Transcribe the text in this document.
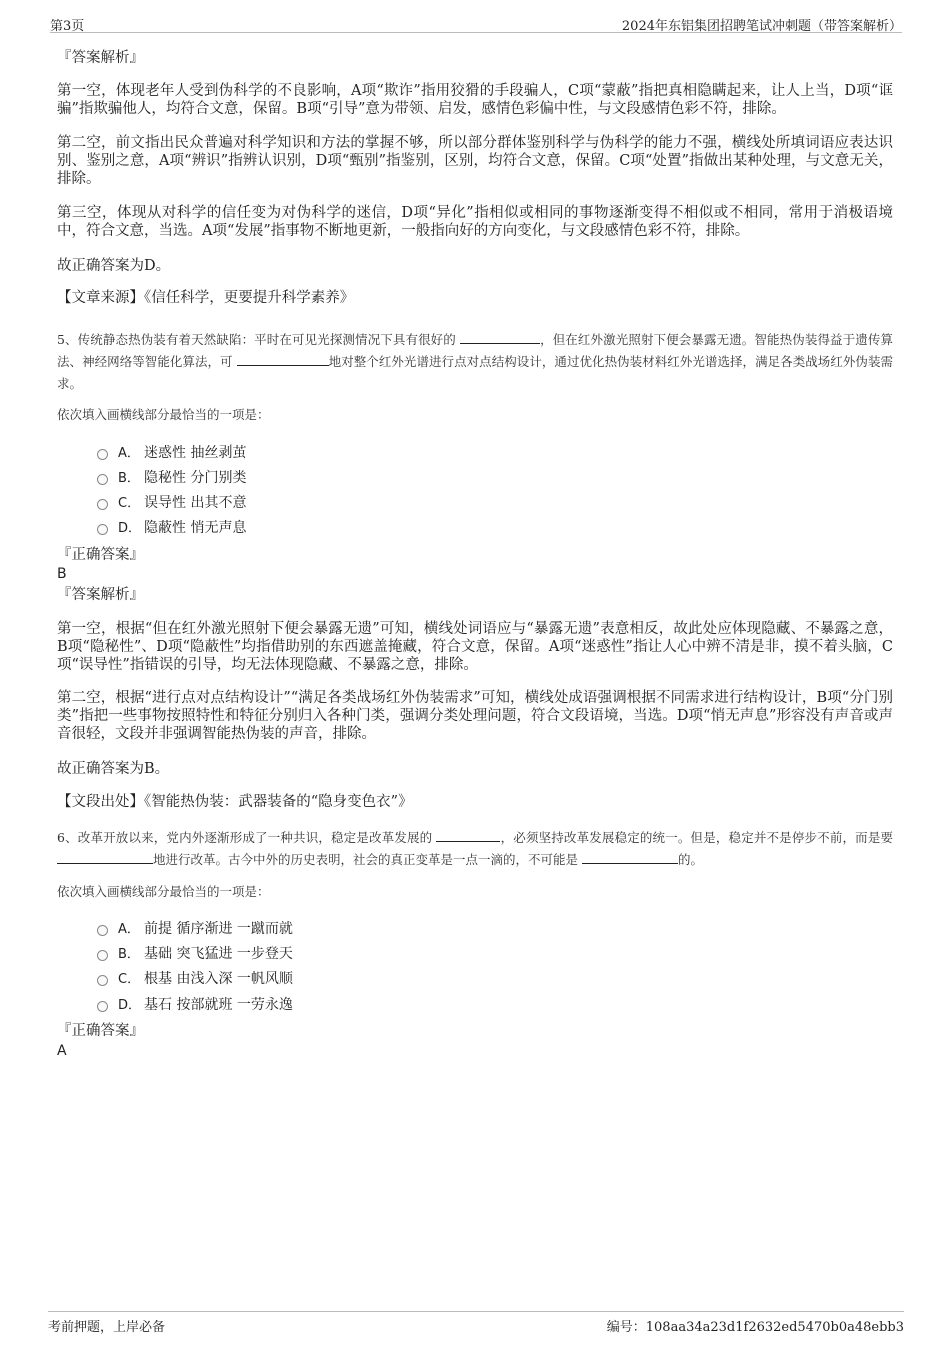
第3页	2024年东铝集团招聘笔试冲刺题（带答案解析）
『答案解析』
第一空，体现老年人受到伪科学的不良影响，A项“欺诈”指用狡猾的手段骗人，C项“蒙蔽”指把真相隐瞒起来，让人上当，D项“诓骗”指欺骗他人，均符合文意，保留。B项“引导”意为带领、启发，感情色彩偏中性，与文段感情色彩不符，排除。
第二空，前文指出民众普遍对科学知识和方法的掌握不够，所以部分群体鉴别科学与伪科学的能力不强，横线处所填词语应表达识别、鉴别之意，A项“辨识”指辨认识别，D项“甄别”指鉴别，区别，均符合文意，保留。C项“处置”指做出某种处理，与文意无关，排除。
第三空，体现从对科学的信任变为对伪科学的迷信，D项“异化”指相似或相同的事物逐渐变得不相似或不相同，常用于消极语境中，符合文意，当选。A项“发展”指事物不断地更新，一般指向好的方向变化，与文段感情色彩不符，排除。
故正确答案为D。
【文章来源】《信任科学，更要提升科学素养》
5、传统静态热伪装有着天然缺陷：平时在可见光探测情况下具有很好的	，但在红外激光照射下便会暴露无遗。智能热伪装得益于遗传算法、神经网络等智能化算法，可	地对整个红外光谱进行点对点结构设计，通过优化热伪装材料红外光谱选择，满足各类战场红外伪装需求。
依次填入画横线部分最恰当的一项是：
A． 迷惑性 抽丝剥茧
B． 隐秘性 分门别类
C． 误导性 出其不意
D． 隐蔽性 悄无声息
『正确答案』
B
『答案解析』
第一空，根据“但在红外激光照射下便会暴露无遗”可知，横线处词语应与“暴露无遗”表意相反，故此处应体现隐藏、不暴露之意，B项“隐秘性”、D项“隐蔽性”均指借助别的东西遮盖掩藏，符合文意，保留。A项“迷惑性”指让人心中辨不清是非，摸不着头脑，C项“误导性”指错误的引导，均无法体现隐藏、不暴露之意，排除。
第二空，根据“进行点对点结构设计”“满足各类战场红外伪装需求”可知，横线处成语强调根据不同需求进行结构设计，B项“分门别类”指把一些事物按照特性和特征分别归入各种门类，强调分类处理问题，符合文段语境，当选。D项“悄无声息”形容没有声音或声音很轻，文段并非强调智能热伪装的声音，排除。
故正确答案为B。
【文段出处】《智能热伪装：武器装备的“隐身变色衣”》
6、改革开放以来，党内外逐渐形成了一种共识，稳定是改革发展的	，必须坚持改革发展稳定的统一。但是，稳定并不是停步不前，而是要 地进行改革。古今中外的历史表明，社会的真正变革是一点一滴的，不可能是	的。
依次填入画横线部分最恰当的一项是：
A． 前提 循序渐进 一蹴而就
B． 基础 突飞猛进 一步登天
C． 根基 由浅入深 一帆风顺
D． 基石 按部就班 一劳永逸
『正确答案』
A
考前押题，上岸必备	编号：108aa34a23d1f2632ed5470b0a48ebb3
